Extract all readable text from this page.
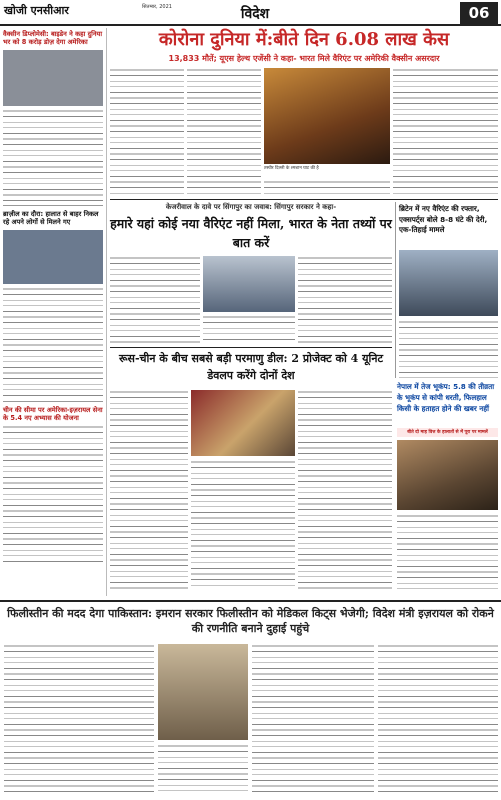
खोजी एनसीआर	सितम्बर, 2021	विदेश	06
वैक्सीन डिप्लोमेसी: बाइडेन ने कहा दुनिया भर को 8 करोड़ डोज़ देगा अमेरिका
ब्राज़ील का दौरा: हालात से बाहर निकल रहे अपने लोगों से मिलने गए
चीन की सीमा पर अमेरिका-इज़रायल सेना के 5.4 नए अभ्यास की योजना
कोरोना दुनिया में:बीते दिन 6.08 लाख केस
13,833 मौतें; यूएस हेल्थ एजेंसी ने कहा- भारत मिले वैरिएंट पर अमेरिकी वैक्सीन असरदार
तस्वीर दिल्ली के श्मशान घाट की है
केजरीवाल के दावे पर सिंगापुर का जवाब: सिंगापुर सरकार ने कहा-
हमारे यहां कोई नया वैरिएंट नहीं मिला, भारत के नेता तथ्यों पर बात करें
ब्रिटेन में नए वैरिएंट की रफ्तार, एक्सपर्ट्स बोले 8-8 घंटे की देरी, एक-तिहाई मामले
रूस-चीन के बीच सबसे बड़ी परमाणु डील: 2 प्रोजेक्ट को 4 यूनिट डेवलप करेंगे दोनों देश
नेपाल में तेज भूकंप: 5.8 की तीव्रता के भूकंप से कांपी धरती, फिलहाल किसी के हताहत होने की खबर नहीं
बीते दो माह वित्त के हालातों से में पूरा पर मामलें
फिलीस्तीन की मदद देगा पाकिस्तान: इमरान सरकार फिलीस्तीन को मेडिकल किट्स भेजेगी; विदेश मंत्री इज़रायल को रोकने की रणनीति बनाने दुहाई पहुंचे
